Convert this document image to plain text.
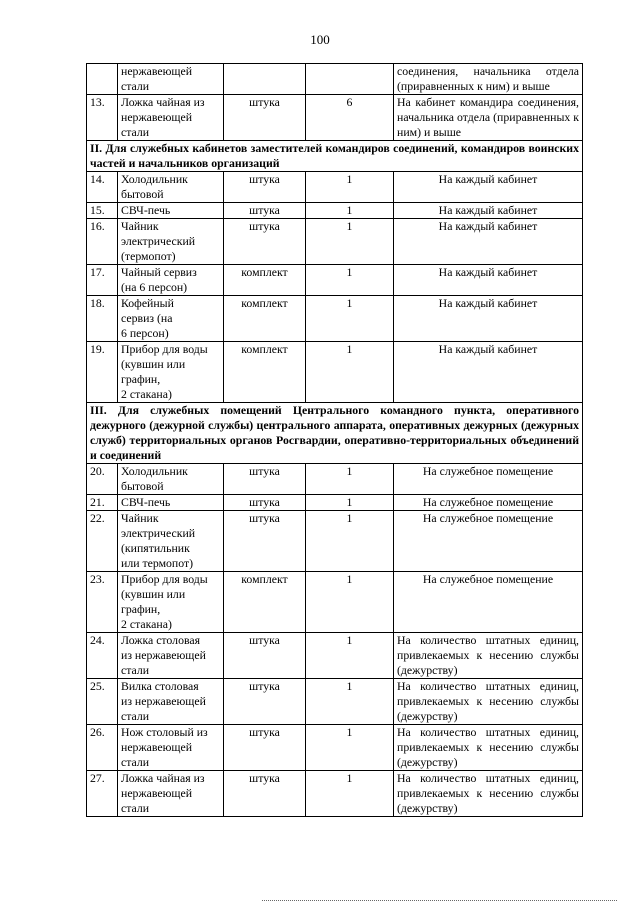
100
	нержавеющей
стали			соединения, начальника отдела (приравненных к ним) и выше
13.	Ложка чайная из
нержавеющей
стали	штука	6	На кабинет командира соединения, начальника отдела (приравненных к ним) и выше
II. Для служебных кабинетов заместителей командиров соединений, командиров воинских частей и начальников организаций				
14.	Холодильник
бытовой	штука	1	На каждый кабинет
15.	СВЧ-печь	штука	1	На каждый кабинет
16.	Чайник
электрический
(термопот)	штука	1	На каждый кабинет
17.	Чайный сервиз
(на 6 персон)	комплект	1	На каждый кабинет
18.	Кофейный
сервиз (на
6 персон)	комплект	1	На каждый кабинет
19.	Прибор для воды
(кувшин или
графин,
2 стакана)	комплект	1	На каждый кабинет
III. Для служебных помещений Центрального командного пункта, оперативного дежурного (дежурной службы) центрального аппарата, оперативных дежурных (дежурных служб) территориальных органов Росгвардии, оперативно-территориальных объединений и соединений				
20.	Холодильник
бытовой	штука	1	На служебное помещение
21.	СВЧ-печь	штука	1	На служебное помещение
22.	Чайник
электрический
(кипятильник
или термопот)	штука	1	На служебное помещение
23.	Прибор для воды
(кувшин или
графин,
2 стакана)	комплект	1	На служебное помещение
24.	Ложка столовая
из нержавеющей
стали	штука	1	На количество штатных единиц, привлекаемых к несению службы (дежурству)
25.	Вилка столовая
из нержавеющей
стали	штука	1	На количество штатных единиц, привлекаемых к несению службы (дежурству)
26.	Нож столовый из
нержавеющей
стали	штука	1	На количество штатных единиц, привлекаемых к несению службы (дежурству)
27.	Ложка чайная из
нержавеющей
стали	штука	1	На количество штатных единиц, привлекаемых к несению службы (дежурству)
